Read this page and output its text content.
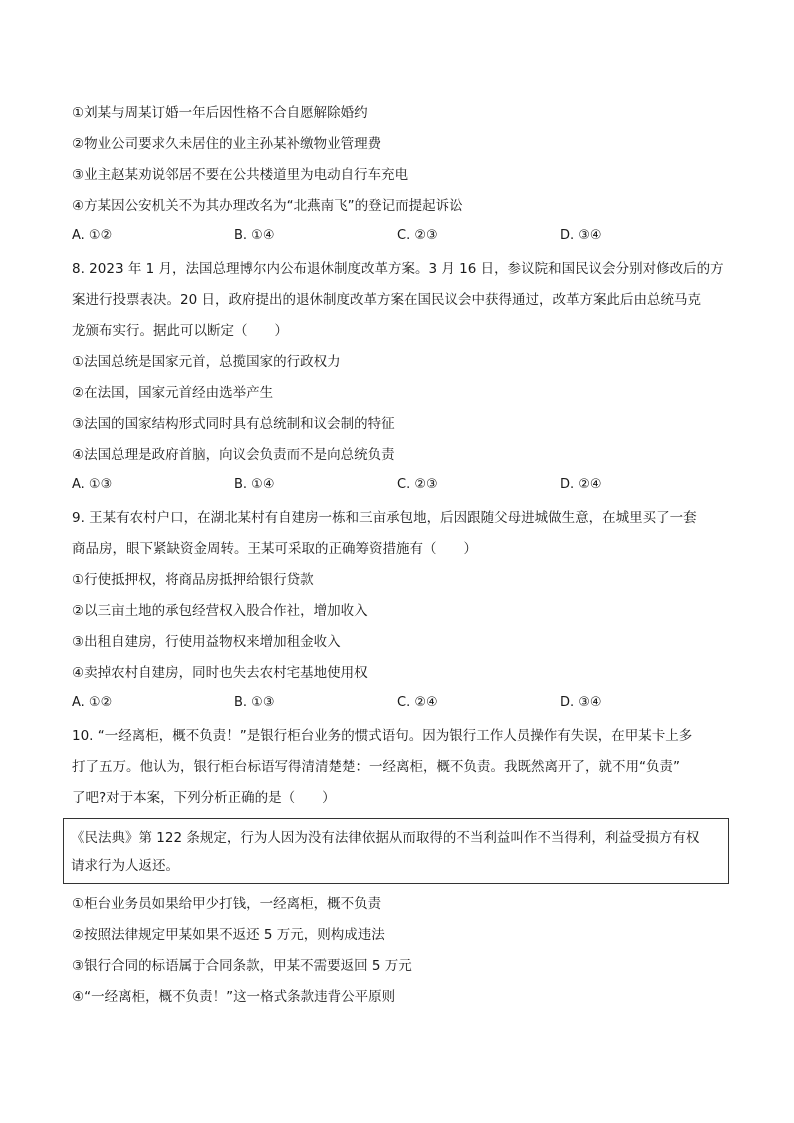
①刘某与周某订婚一年后因性格不合自愿解除婚约
②物业公司要求久未居住的业主孙某补缴物业管理费
③业主赵某劝说邻居不要在公共楼道里为电动自行车充电
④方某因公安机关不为其办理改名为“北燕南飞”的登记而提起诉讼
A. ①②	B. ①④	C. ②③	D. ③④
8. 2023 年 1 月，法国总理博尔内公布退休制度改革方案。3 月 16 日，参议院和国民议会分别对修改后的方
案进行投票表决。20 日，政府提出的退休制度改革方案在国民议会中获得通过，改革方案此后由总统马克
龙颁布实行。据此可以断定（　　）
①法国总统是国家元首，总揽国家的行政权力
②在法国，国家元首经由选举产生
③法国的国家结构形式同时具有总统制和议会制的特征
④法国总理是政府首脑，向议会负责而不是向总统负责
A. ①③	B. ①④	C. ②③	D. ②④
9. 王某有农村户口，在湖北某村有自建房一栋和三亩承包地，后因跟随父母进城做生意，在城里买了一套
商品房，眼下紧缺资金周转。王某可采取的正确筹资措施有（　　）
①行使抵押权，将商品房抵押给银行贷款
②以三亩土地的承包经营权入股合作社，增加收入
③出租自建房，行使用益物权来增加租金收入
④卖掉农村自建房，同时也失去农村宅基地使用权
A. ①②	B. ①③	C. ②④	D. ③④
10. “一经离柜，概不负责！”是银行柜台业务的惯式语句。因为银行工作人员操作有失误，在甲某卡上多
打了五万。他认为，银行柜台标语写得清清楚楚：一经离柜，概不负责。我既然离开了，就不用“负责”
了吧?对于本案，下列分析正确的是（　　）
《民法典》第 122 条规定，行为人因为没有法律依据从而取得的不当利益叫作不当得利，利益受损方有权
请求行为人返还。
①柜台业务员如果给甲少打钱，一经离柜，概不负责
②按照法律规定甲某如果不返还 5 万元，则构成违法
③银行合同的标语属于合同条款，甲某不需要返回 5 万元
④“一经离柜，概不负责！”这一格式条款违背公平原则
